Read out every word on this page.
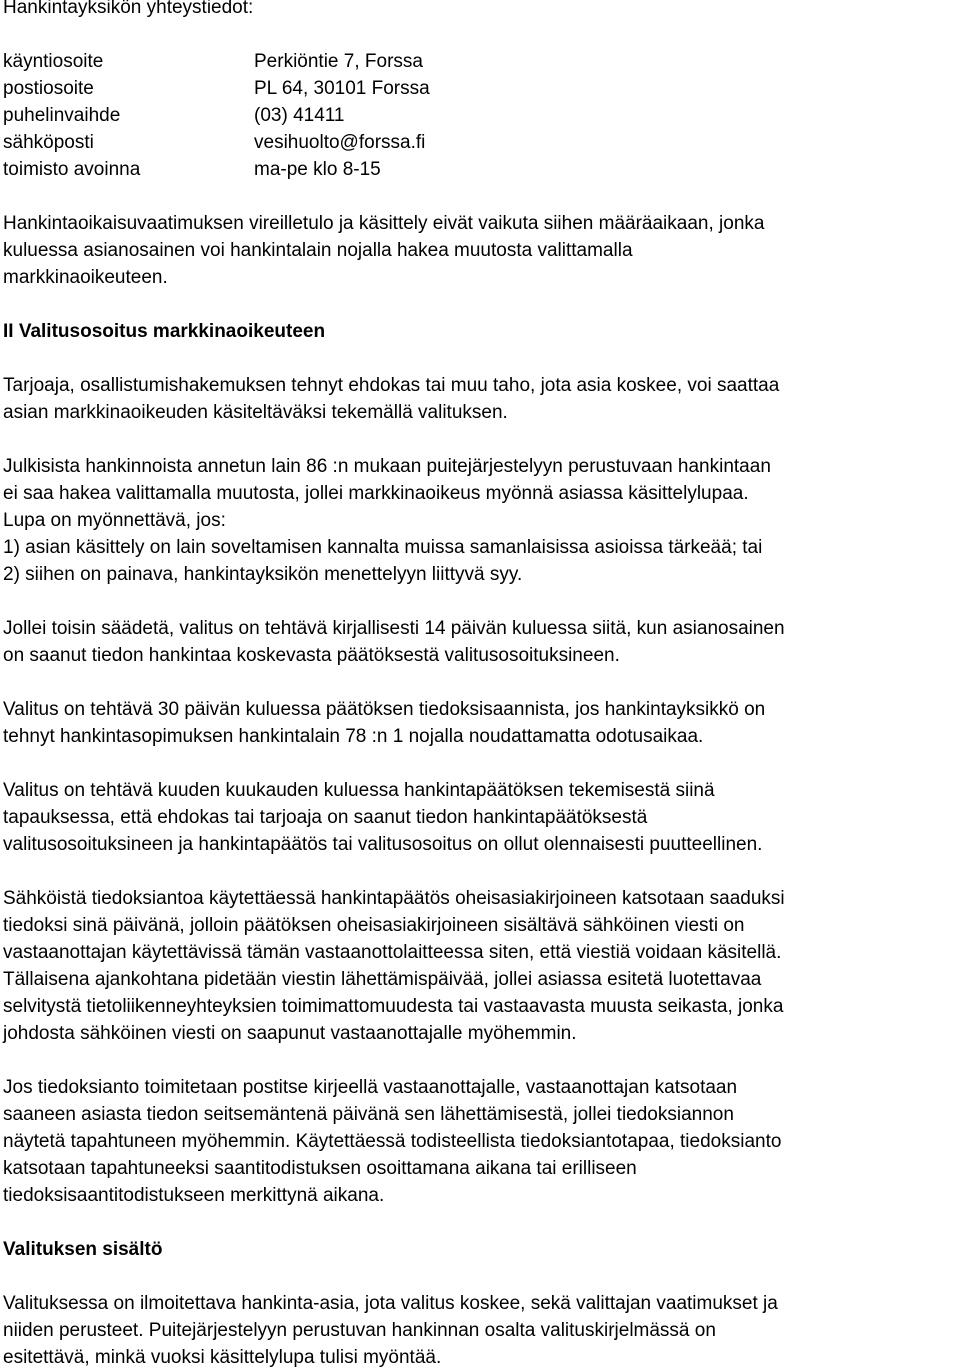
Hankintayksikön yhteystiedot:

käyntiosoite	Perkiöntie 7, Forssa
postiosoite	PL 64, 30101 Forssa
puhelinvaihde	(03) 41411
sähköposti	vesihuolto@forssa.fi
toimisto avoinna	ma-pe klo 8-15

Hankintaoikaisuvaatimuksen vireilletulo ja käsittely eivät vaikuta siihen määräaikaan, jonka

kuluessa asianosainen voi hankintalain nojalla hakea muutosta valittamalla

markkinaoikeuteen.

II Valitusosoitus markkinaoikeuteen

Tarjoaja, osallistumishakemuksen tehnyt ehdokas tai muu taho, jota asia koskee, voi saattaa

asian markkinaoikeuden käsiteltäväksi tekemällä valituksen.

Julkisista hankinnoista annetun lain 86 :n mukaan puitejärjestelyyn perustuvaan hankintaan

ei saa hakea valittamalla muutosta, jollei markkinaoikeus myönnä asiassa käsittelylupaa.

Lupa on myönnettävä, jos:

1) asian käsittely on lain soveltamisen kannalta muissa samanlaisissa asioissa tärkeää; tai

2) siihen on painava, hankintayksikön menettelyyn liittyvä syy.

Jollei toisin säädetä, valitus on tehtävä kirjallisesti 14 päivän kuluessa siitä, kun asianosainen

on saanut tiedon hankintaa koskevasta päätöksestä valitusosoituksineen.

Valitus on tehtävä 30 päivän kuluessa päätöksen tiedoksisaannista, jos hankintayksikkö on

tehnyt hankintasopimuksen hankintalain 78 :n 1 nojalla noudattamatta odotusaikaa.

Valitus on tehtävä kuuden kuukauden kuluessa hankintapäätöksen tekemisestä siinä

tapauksessa, että ehdokas tai tarjoaja on saanut tiedon hankintapäätöksestä

valitusosoituksineen ja hankintapäätös tai valitusosoitus on ollut olennaisesti puutteellinen.

Sähköistä tiedoksiantoa käytettäessä hankintapäätös oheisasiakirjoineen katsotaan saaduksi

tiedoksi sinä päivänä, jolloin päätöksen oheisasiakirjoineen sisältävä sähköinen viesti on

vastaanottajan käytettävissä tämän vastaanottolaitteessa siten, että viestiä voidaan käsitellä.

Tällaisena ajankohtana pidetään viestin lähettämispäivää, jollei asiassa esitetä luotettavaa

selvitystä tietoliikenneyhteyksien toimimattomuudesta tai vastaavasta muusta seikasta, jonka

johdosta sähköinen viesti on saapunut vastaanottajalle myöhemmin.

Jos tiedoksianto toimitetaan postitse kirjeellä vastaanottajalle, vastaanottajan katsotaan

saaneen asiasta tiedon seitsemäntenä päivänä sen lähettämisestä, jollei tiedoksiannon

näytetä tapahtuneen myöhemmin. Käytettäessä todisteellista tiedoksiantotapaa, tiedoksianto

katsotaan tapahtuneeksi saantitodistuksen osoittamana aikana tai erilliseen

tiedoksisaantitodistukseen merkittynä aikana.

Valituksen sisältö

Valituksessa on ilmoitettava hankinta-asia, jota valitus koskee, sekä valittajan vaatimukset ja

niiden perusteet. Puitejärjestelyyn perustuvan hankinnan osalta valituskirjelmässä on

esitettävä, minkä vuoksi käsittelylupa tulisi myöntää.
